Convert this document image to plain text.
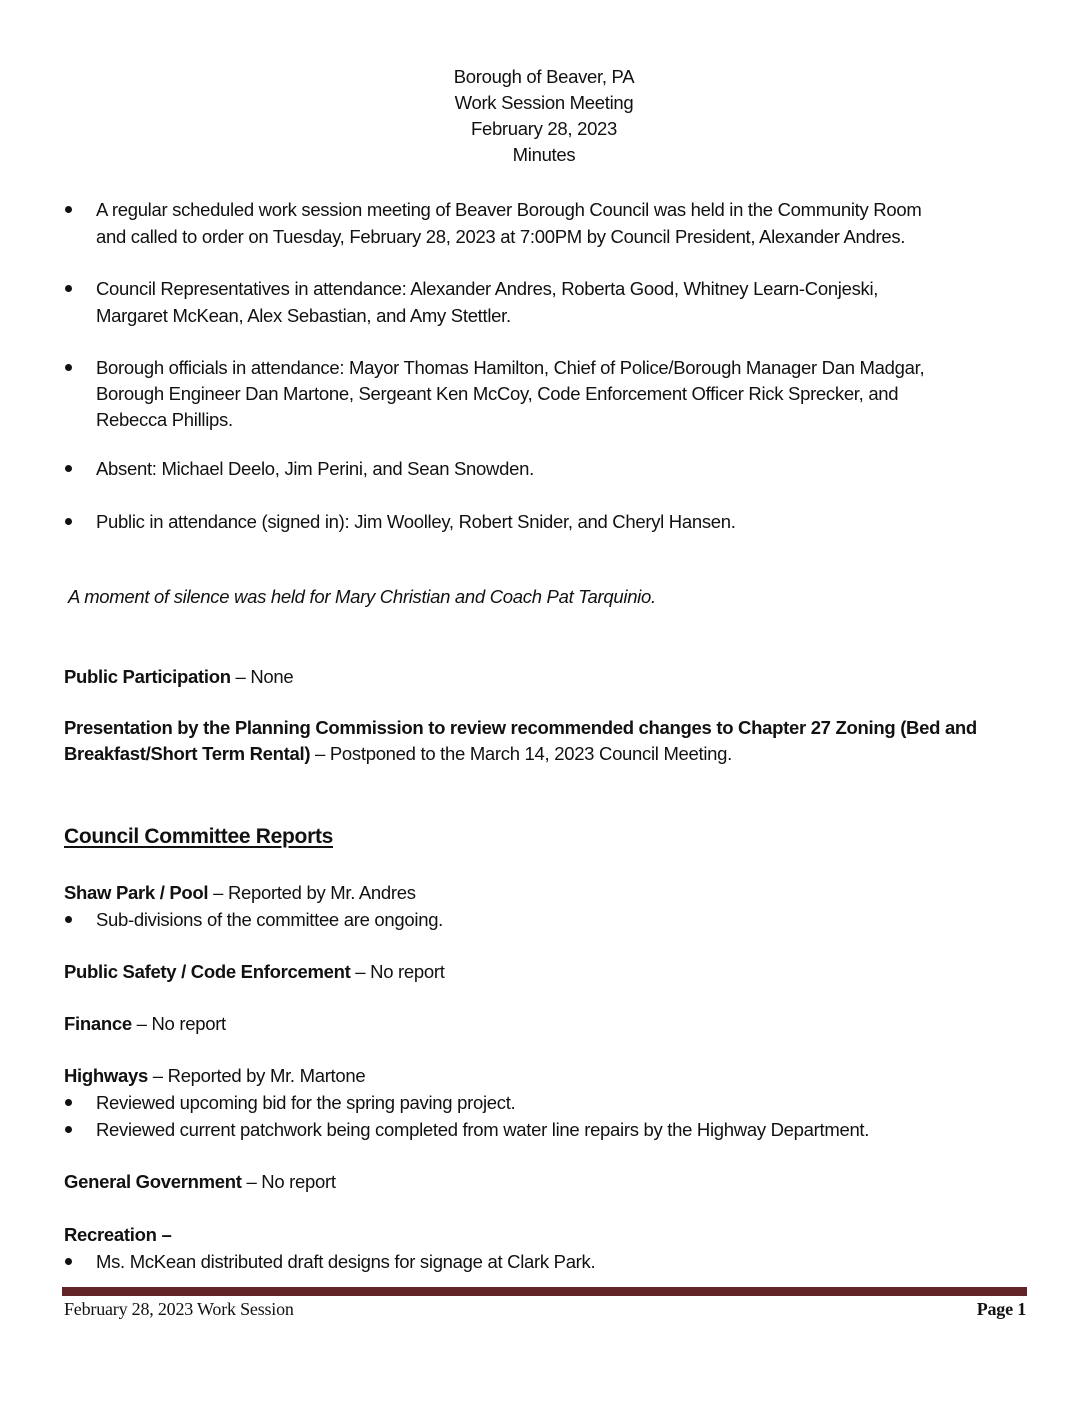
Borough of Beaver, PA
Work Session Meeting
February 28, 2023
Minutes
A regular scheduled work session meeting of Beaver Borough Council was held in the Community Room
and called to order on Tuesday, February 28, 2023 at 7:00PM by Council President, Alexander Andres.
Council Representatives in attendance: Alexander Andres, Roberta Good, Whitney Learn-Conjeski,
Margaret McKean, Alex Sebastian, and Amy Stettler.
Borough officials in attendance: Mayor Thomas Hamilton, Chief of Police/Borough Manager Dan Madgar,
Borough Engineer Dan Martone, Sergeant Ken McCoy, Code Enforcement Officer Rick Sprecker, and
Rebecca Phillips.
Absent: Michael Deelo, Jim Perini, and Sean Snowden.
Public in attendance (signed in): Jim Woolley, Robert Snider, and Cheryl Hansen.
A moment of silence was held for Mary Christian and Coach Pat Tarquinio.
Public Participation – None
Presentation by the Planning Commission to review recommended changes to Chapter 27 Zoning (Bed and
Breakfast/Short Term Rental) – Postponed to the March 14, 2023 Council Meeting.
Council Committee Reports
Shaw Park / Pool – Reported by Mr. Andres
Sub-divisions of the committee are ongoing.
Public Safety / Code Enforcement – No report
Finance – No report
Highways – Reported by Mr. Martone
Reviewed upcoming bid for the spring paving project.
Reviewed current patchwork being completed from water line repairs by the Highway Department.
General Government – No report
Recreation –
Ms. McKean distributed draft designs for signage at Clark Park.
February 28, 2023 Work Session	Page 1
